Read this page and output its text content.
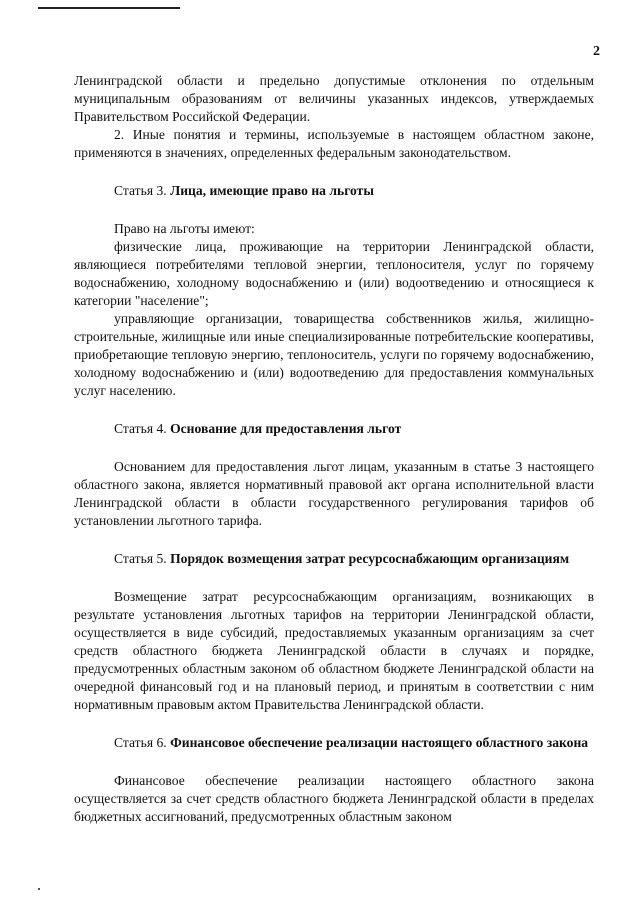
2

Ленинградской области и предельно допустимые отклонения по отдельным муниципальным образованиям от величины указанных индексов, утверждаемых Правительством Российской Федерации.

2. Иные понятия и термины, используемые в настоящем областном законе, применяются в значениях, определенных федеральным законодательством.

Статья 3. Лица, имеющие право на льготы

Право на льготы имеют:

физические лица, проживающие на территории Ленинградской области, являющиеся потребителями тепловой энергии, теплоносителя, услуг по горячему водоснабжению, холодному водоснабжению и (или) водоотведению и относящиеся к категории "население";

управляющие организации, товарищества собственников жилья, жилищно-строительные, жилищные или иные специализированные потребительские кооперативы, приобретающие тепловую энергию, теплоноситель, услуги по горячему водоснабжению, холодному водоснабжению и (или) водоотведению для предоставления коммунальных услуг населению.

Статья 4. Основание для предоставления льгот

Основанием для предоставления льгот лицам, указанным в статье 3 настоящего областного закона, является нормативный правовой акт органа исполнительной власти Ленинградской области в области государственного регулирования тарифов об установлении льготного тарифа.

Статья 5. Порядок возмещения затрат ресурсоснабжающим организациям

Возмещение затрат ресурсоснабжающим организациям, возникающих в результате установления льготных тарифов на территории Ленинградской области, осуществляется в виде субсидий, предоставляемых указанным организациям за счет средств областного бюджета Ленинградской области в случаях и порядке, предусмотренных областным законом об областном бюджете Ленинградской области на очередной финансовый год и на плановый период, и принятым в соответствии с ним нормативным правовым актом Правительства Ленинградской области.

Статья 6. Финансовое обеспечение реализации настоящего областного закона

Финансовое обеспечение реализации настоящего областного закона осуществляется за счет средств областного бюджета Ленинградской области в пределах бюджетных ассигнований, предусмотренных областным законом
